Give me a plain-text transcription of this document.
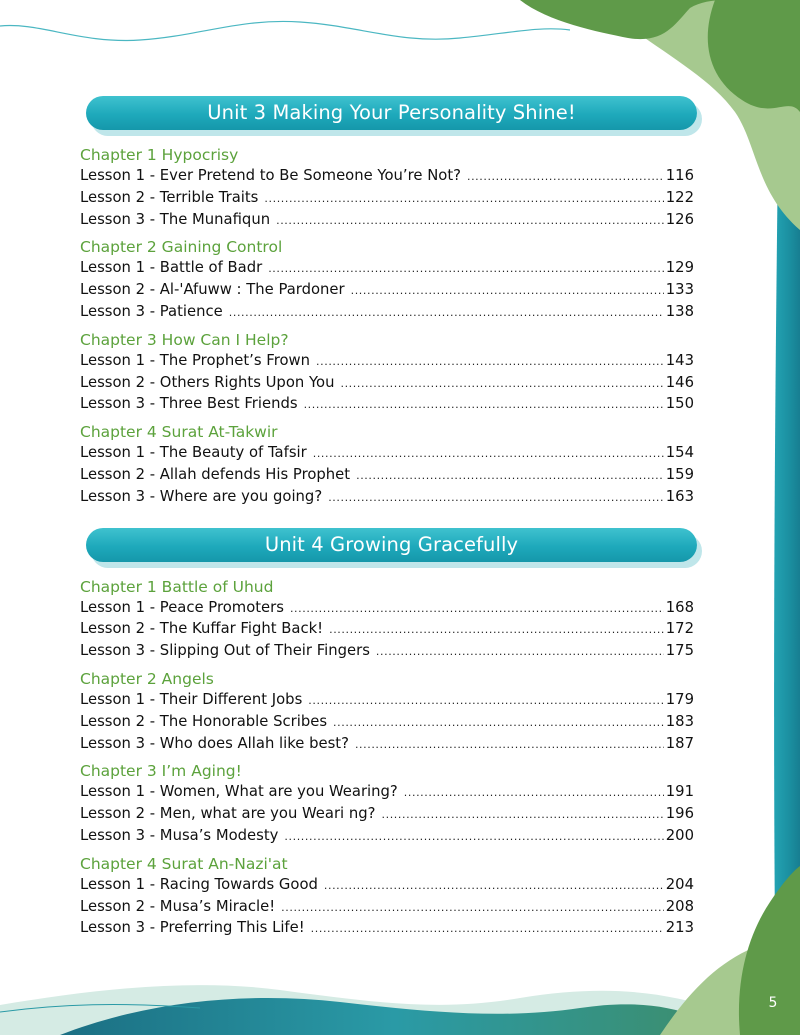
Unit 3 Making Your Personality Shine!
Chapter 1 Hypocrisy
Lesson 1 - Ever Pretend to Be Someone You’re Not? .....	116
Lesson 2 - Terrible Traits .....	122
Lesson 3 - The Munafiqun .....	126
Chapter 2 Gaining Control
Lesson 1 - Battle of Badr .....	129
Lesson 2 - Al-'Afuww : The Pardoner .....	133
Lesson 3 - Patience .....	138
Chapter 3 How Can I Help?
Lesson 1 - The Prophet’s Frown .....	143
Lesson 2 - Others Rights Upon You .....	146
Lesson 3 - Three Best Friends .....	150
Chapter 4 Surat At-Takwir
Lesson 1 - The Beauty of Tafsir .....	154
Lesson 2 - Allah defends His Prophet .....	159
Lesson 3 - Where are you going? .....	163
Unit 4 Growing Gracefully
Chapter 1 Battle of Uhud
Lesson 1 - Peace Promoters .....	168
Lesson 2 - The Kuffar Fight Back! .....	172
Lesson 3 - Slipping Out of Their Fingers .....	175
Chapter 2 Angels
Lesson 1 - Their Different Jobs .....	179
Lesson 2 - The Honorable Scribes .....	183
Lesson 3 - Who does Allah like best? .....	187
Chapter 3 I’m Aging!
Lesson 1 - Women, What are you Wearing? .....	191
Lesson 2 - Men, what are you Weari ng? .....	196
Lesson 3 - Musa’s Modesty .....	200
Chapter 4 Surat An-Nazi'at
Lesson 1 - Racing Towards Good .....	204
Lesson 2 - Musa’s Miracle! .....	208
Lesson 3 - Preferring This Life! .....	213
5
